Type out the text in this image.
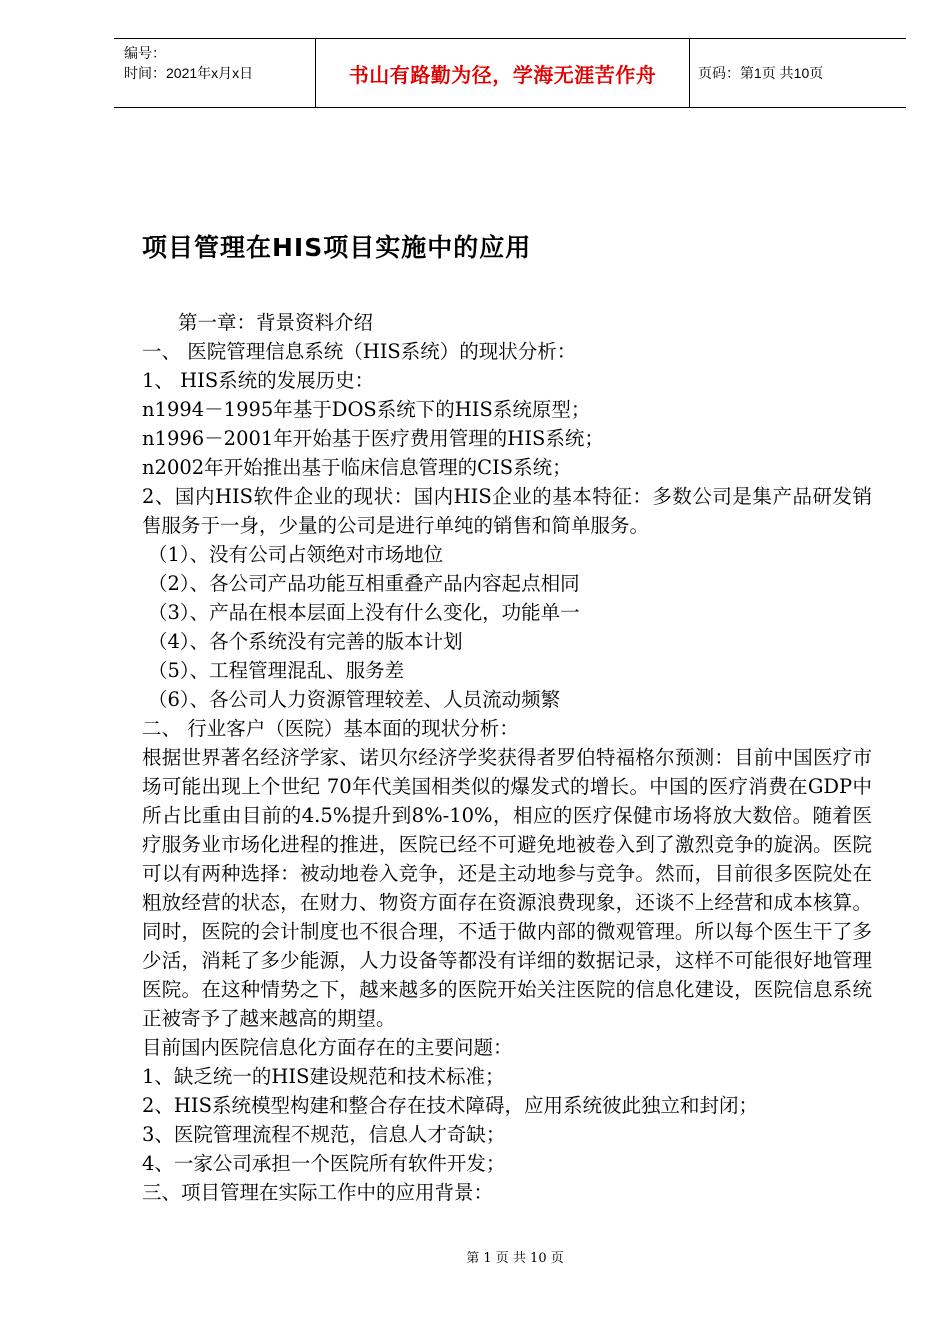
编号：
时间：2021年x月x日	书山有路勤为径，学海无涯苦作舟	页码：第1页 共10页
项目管理在HIS项目实施中的应用

第一章：背景资料介绍

一、 医院管理信息系统（HIS系统）的现状分析：

1、 HIS系统的发展历史：

n1994－1995年基于DOS系统下的HIS系统原型；

n1996－2001年开始基于医疗费用管理的HIS系统；

n2002年开始推出基于临床信息管理的CIS系统；

2、国内HIS软件企业的现状：国内HIS企业的基本特征：多数公司是集产品研发销售服务于一身，少量的公司是进行单纯的销售和简单服务。

（1）、没有公司占领绝对市场地位

（2）、各公司产品功能互相重叠产品内容起点相同

（3）、产品在根本层面上没有什么变化，功能单一

（4）、各个系统没有完善的版本计划

（5）、工程管理混乱、服务差

（6）、各公司人力资源管理较差、人员流动频繁

二、 行业客户（医院）基本面的现状分析：

根据世界著名经济学家、诺贝尔经济学奖获得者罗伯特福格尔预测：目前中国医疗市场可能出现上个世纪 70年代美国相类似的爆发式的增长。中国的医疗消费在GDP中所占比重由目前的4.5%提升到8%-10%，相应的医疗保健市场将放大数倍。随着医疗服务业市场化进程的推进，医院已经不可避免地被卷入到了激烈竞争的旋涡。医院可以有两种选择：被动地卷入竞争，还是主动地参与竞争。然而，目前很多医院处在粗放经营的状态，在财力、物资方面存在资源浪费现象，还谈不上经营和成本核算。同时，医院的会计制度也不很合理，不适于做内部的微观管理。所以每个医生干了多少活，消耗了多少能源，人力设备等都没有详细的数据记录，这样不可能很好地管理医院。在这种情势之下，越来越多的医院开始关注医院的信息化建设，医院信息系统正被寄予了越来越高的期望。

目前国内医院信息化方面存在的主要问题：

1、缺乏统一的HIS建设规范和技术标准；

2、HIS系统模型构建和整合存在技术障碍，应用系统彼此独立和封闭；

3、医院管理流程不规范，信息人才奇缺；

4、一家公司承担一个医院所有软件开发；

三、项目管理在实际工作中的应用背景：

第 1 页 共 10 页
